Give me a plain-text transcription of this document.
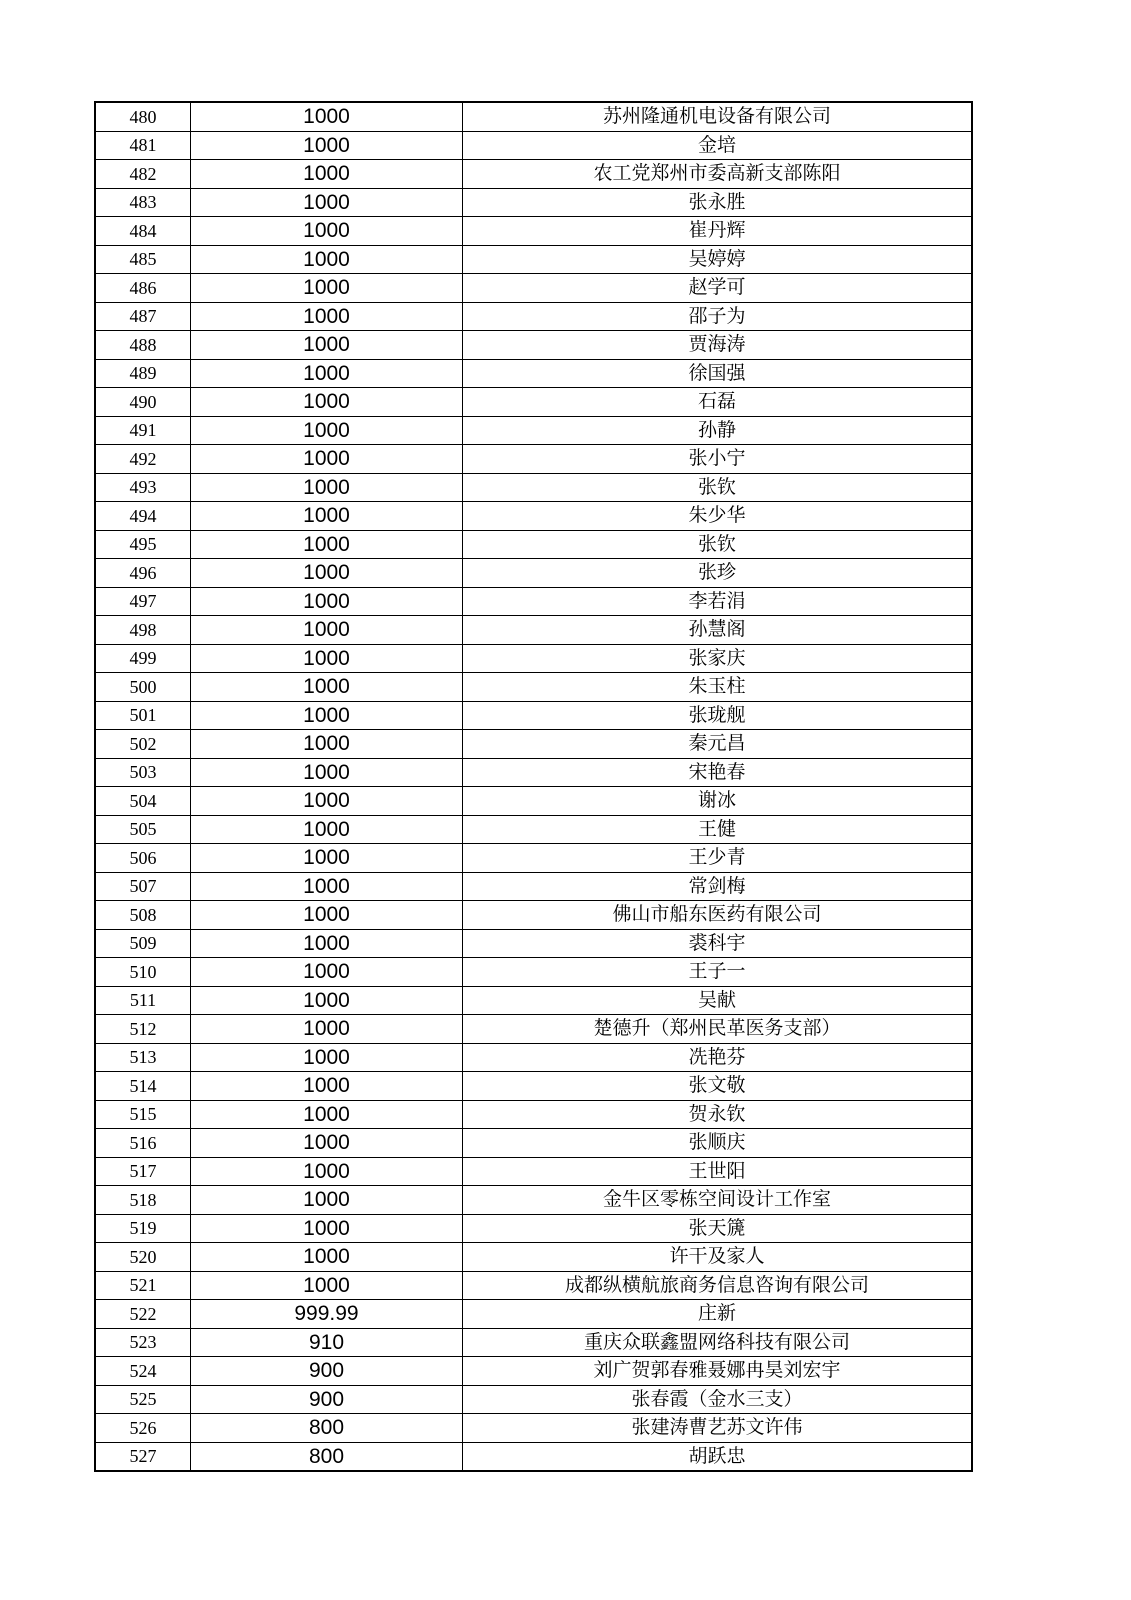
480	1000	苏州隆通机电设备有限公司
481	1000	金培
482	1000	农工党郑州市委高新支部陈阳
483	1000	张永胜
484	1000	崔丹辉
485	1000	吴婷婷
486	1000	赵学可
487	1000	邵子为
488	1000	贾海涛
489	1000	徐国强
490	1000	石磊
491	1000	孙静
492	1000	张小宁
493	1000	张钦
494	1000	朱少华
495	1000	张钦
496	1000	张珍
497	1000	李若涓
498	1000	孙慧阁
499	1000	张家庆
500	1000	朱玉柱
501	1000	张珑舰
502	1000	秦元昌
503	1000	宋艳春
504	1000	谢冰
505	1000	王健
506	1000	王少青
507	1000	常剑梅
508	1000	佛山市船东医药有限公司
509	1000	裘科宇
510	1000	王子一
511	1000	吴献
512	1000	楚德升（郑州民革医务支部）
513	1000	冼艳芬
514	1000	张文敬
515	1000	贺永钦
516	1000	张顺庆
517	1000	王世阳
518	1000	金牛区零栋空间设计工作室
519	1000	张天篪
520	1000	许干及家人
521	1000	成都纵横航旅商务信息咨询有限公司
522	999.99	庄新
523	910	重庆众联鑫盟网络科技有限公司
524	900	刘广贺郭春雅聂娜冉昊刘宏宇
525	900	张春霞（金水三支）
526	800	张建涛曹艺苏文许伟
527	800	胡跃忠
